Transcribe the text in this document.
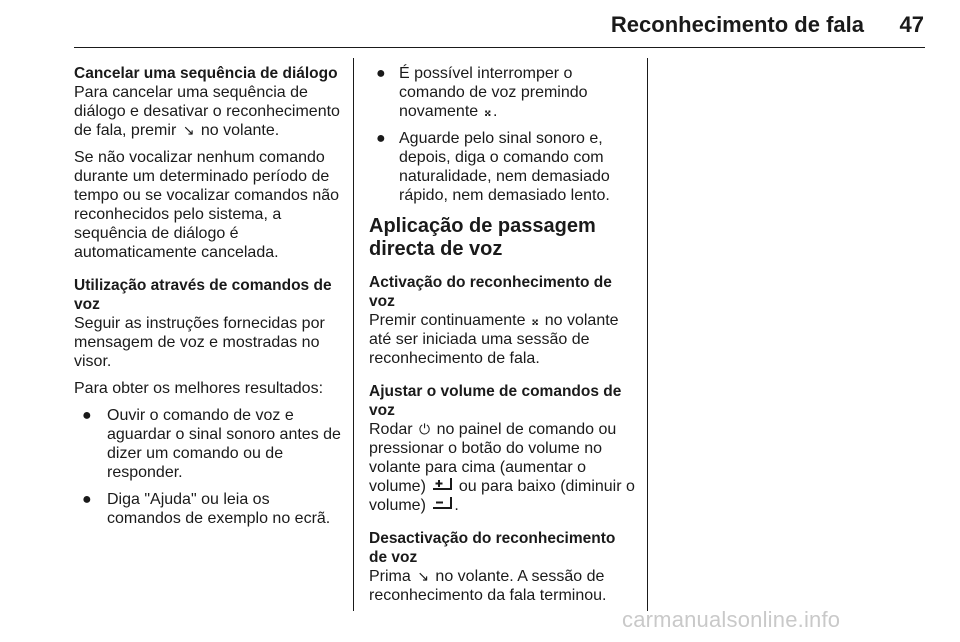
Reconhecimento de fala 47

Cancelar uma sequência de diálogo

Para cancelar uma sequência de diálogo e desativar o reconhecimento de fala, premir ↘ no volante.

Se não vocalizar nenhum comando durante um determinado período de tempo ou se vocalizar comandos não reconhecidos pelo sistema, a sequência de diálogo é automaticamente cancelada.

Utilização através de comandos de voz

Seguir as instruções fornecidas por mensagem de voz e mostradas no visor.

Para obter os melhores resultados:

● Ouvir o comando de voz e aguardar o sinal sonoro antes de dizer um comando ou de responder.
● Diga "Ajuda" ou leia os comandos de exemplo no ecrã.
● É possível interromper o comando de voz premindo novamente 𝄪 .
● Aguarde pelo sinal sonoro e, depois, diga o comando com naturalidade, nem demasiado rápido, nem demasiado lento.

Aplicação de passagem directa de voz

Activação do reconhecimento de voz

Premir continuamente 𝄪 no volante até ser iniciada uma sessão de reconhecimento de fala.

Ajustar o volume de comandos de voz

Rodar ⏻ no painel de comando ou pressionar o botão do volume no volante para cima (aumentar o volume) ou para baixo (diminuir o volume) .

Desactivação do reconhecimento de voz

Prima ↘ no volante. A sessão de reconhecimento da fala terminou.

carmanualsonline.info
